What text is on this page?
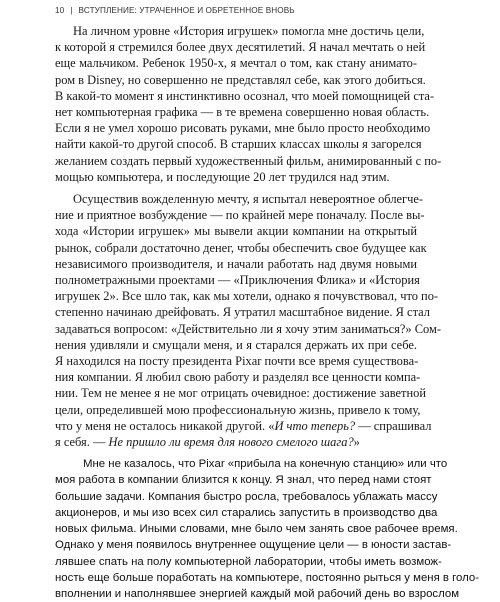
10 | ВСТУПЛЕНИЕ: УТРАЧЕННОЕ И ОБРЕТЕННОЕ ВНОВЬ

На личном уровне «История игрушек» помогла мне достичь цели,
к которой я стремился более двух десятилетий. Я начал мечтать о ней
еще мальчиком. Ребенок 1950-х, я мечтал о том, как стану анимато-
ром в Disney, но совершенно не представлял себе, как этого добиться.
В какой-то момент я инстинктивно осознал, что моей помощницей ста-
нет компьютерная графика — в те времена совершенно новая область.
Если я не умел хорошо рисовать руками, мне было просто необходимо
найти какой-то другой способ. В старших классах школы я загорелся
желанием создать первый художественный фильм, анимированный с по-
мощью компьютера, и последующие 20 лет трудился над этим.

Осуществив вожделенную мечту, я испытал невероятное облегче-
ние и приятное возбуждение — по крайней мере поначалу. После вы-
хода «Истории игрушек» мы вывели акции компании на открытый
рынок, собрали достаточно денег, чтобы обеспечить свое будущее как
независимого производителя, и начали работать над двумя новыми
полнометражными проектами — «Приключения Флика» и «История
игрушек 2». Все шло так, как мы хотели, однако я почувствовал, что по-
степенно начинаю дрейфовать. Я утратил масштабное видение. Я стал
задаваться вопросом: «Действительно ли я хочу этим заниматься?» Сом-
нения удивляли и смущали меня, и я старался держать их при себе.
Я находился на посту президента Pixar почти все время существова-
ния компании. Я любил свою работу и разделял все ценности компа-
нии. Тем не менее я не мог отрицать очевидное: достижение заветной
цели, определившей мою профессиональную жизнь, привело к тому,
что у меня не осталось никакой другой. «И что теперь? — спрашивал
я себя. — Не пришло ли время для нового смелого шага?»

Мне не казалось, что Pixar «прибыла на конечную станцию» или что
моя работа в компании близится к концу. Я знал, что перед нами стоят
большие задачи. Компания быстро росла, требовалось ублажать массу
акционеров, и мы изо всех сил старались запустить в производство два
новых фильма. Иными словами, мне было чем занять свое рабочее время.
Однако у меня появилось внутреннее ощущение цели — в юности застав-
лявшее спать на полу компьютерной лаборатории, чтобы иметь возмож-
ность еще больше поработать на компьютере, постоянно рыться у меня в голо-
вполнении и наполнявшее энергией каждый мой рабочий день во взрослом
